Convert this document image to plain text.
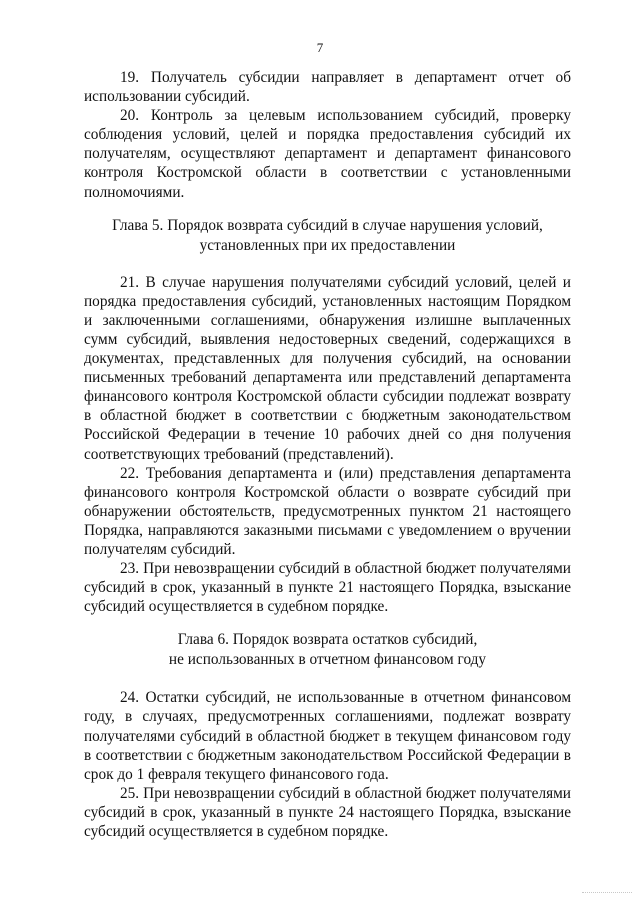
7

19. Получатель субсидии направляет в департамент отчет об использовании субсидий.

20. Контроль за целевым использованием субсидий, проверку соблюдения условий, целей и порядка предоставления субсидий их получателям, осуществляют департамент и департамент финансового контроля Костромской области в соответствии с установленными полномочиями.

Глава 5. Порядок возврата субсидий в случае нарушения условий,
установленных при их предоставлении

21. В случае нарушения получателями субсидий условий, целей и порядка предоставления субсидий, установленных настоящим Порядком и заключенными соглашениями, обнаружения излишне выплаченных сумм субсидий, выявления недостоверных сведений, содержащихся в документах, представленных для получения субсидий, на основании письменных требований департамента или представлений департамента финансового контроля Костромской области субсидии подлежат возврату в областной бюджет в соответствии с бюджетным законодательством Российской Федерации в течение 10 рабочих дней со дня получения соответствующих требований (представлений).

22. Требования департамента и (или) представления департамента финансового контроля Костромской области о возврате субсидий при обнаружении обстоятельств, предусмотренных пунктом 21 настоящего Порядка, направляются заказными письмами с уведомлением о вручении получателям субсидий.

23. При невозвращении субсидий в областной бюджет получателями субсидий в срок, указанный в пункте 21 настоящего Порядка, взыскание субсидий осуществляется в судебном порядке.

Глава 6. Порядок возврата остатков субсидий,
не использованных в отчетном финансовом году

24. Остатки субсидий, не использованные в отчетном финансовом году, в случаях, предусмотренных соглашениями, подлежат возврату получателями субсидий в областной бюджет в текущем финансовом году в соответствии с бюджетным законодательством Российской Федерации в срок до 1 февраля текущего финансового года.

25. При невозвращении субсидий в областной бюджет получателями субсидий в срок, указанный в пункте 24 настоящего Порядка, взыскание субсидий осуществляется в судебном порядке.
